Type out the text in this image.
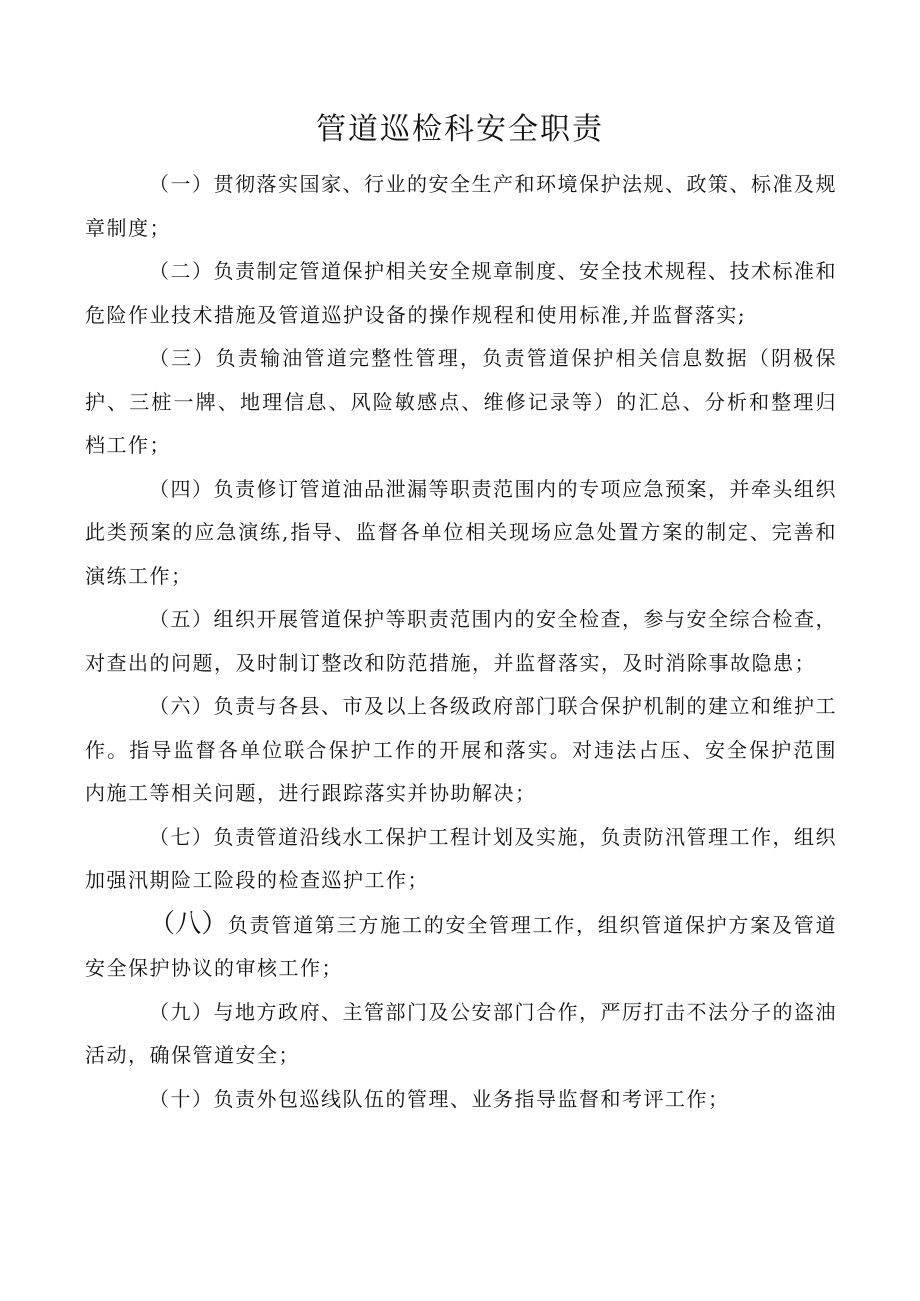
管道巡检科安全职责

（一）贯彻落实国家、行业的安全生产和环境保护法规、政策、标准及规章制度；

（二）负责制定管道保护相关安全规章制度、安全技术规程、技术标准和危险作业技术措施及管道巡护设备的操作规程和使用标准,并监督落实;

（三）负责输油管道完整性管理，负责管道保护相关信息数据（阴极保护、三桩一牌、地理信息、风险敏感点、维修记录等）的汇总、分析和整理归档工作；

（四）负责修订管道油品泄漏等职责范围内的专项应急预案，并牵头组织此类预案的应急演练,指导、监督各单位相关现场应急处置方案的制定、完善和演练工作；

（五）组织开展管道保护等职责范围内的安全检查，参与安全综合检查，对查出的问题，及时制订整改和防范措施，并监督落实，及时消除事故隐患；

（六）负责与各县、市及以上各级政府部门联合保护机制的建立和维护工作。指导监督各单位联合保护工作的开展和落实。对违法占压、安全保护范围内施工等相关问题，进行跟踪落实并协助解决；

（七）负责管道沿线水工保护工程计划及实施，负责防汛管理工作，组织加强汛期险工险段的检查巡护工作；

（八）负责管道第三方施工的安全管理工作，组织管道保护方案及管道安全保护协议的审核工作；

（九）与地方政府、主管部门及公安部门合作，严厉打击不法分子的盗油活动，确保管道安全；

（十）负责外包巡线队伍的管理、业务指导监督和考评工作；
